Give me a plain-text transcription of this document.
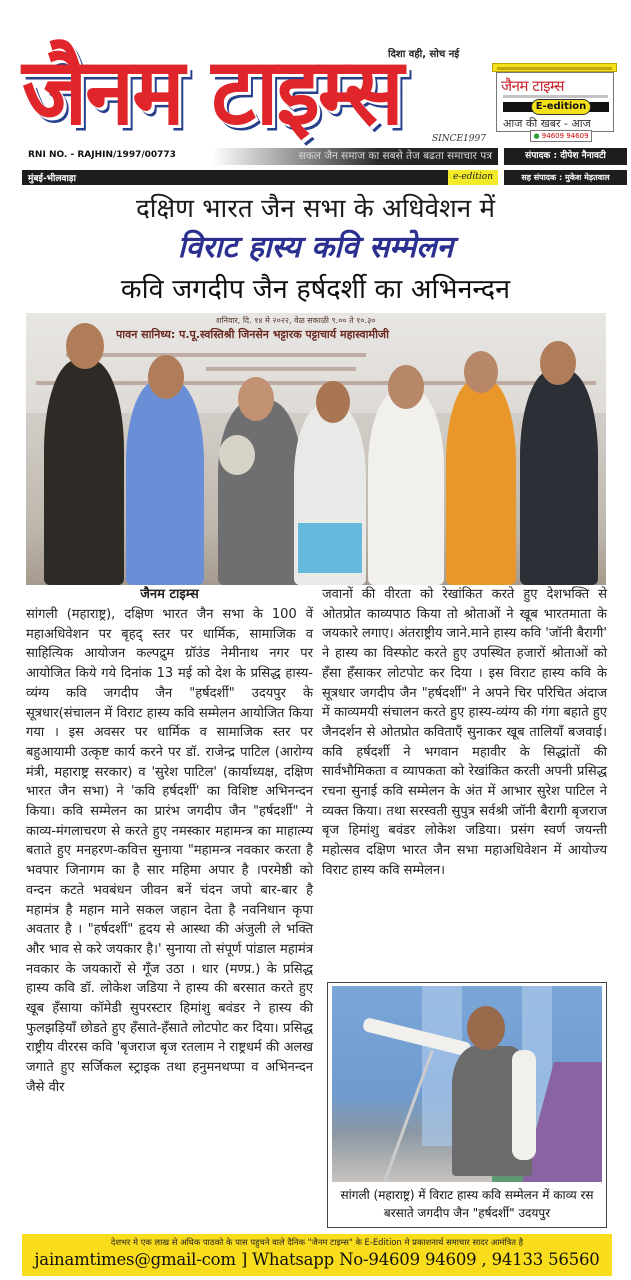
जैनम टाइम्स
दिशा वही, सोच नई
SINCE1997
जैनम टाइम्स
E-edition
आज की खबर - आज
● 94609 94609
RNI NO. - RAJHIN/1997/00773	सकल जैन समाज का सबसे तेज बढता समाचार पत्र	संपादक : दीपेश नैनावटी
मुंबई-भीलवाड़ा	e-edition	सह संपादक : मुकेश मेड़तवाल
दक्षिण भारत जैन सभा के अधिवेशन में
विराट हास्य कवि सम्मेलन
कवि जगदीप जैन हर्षदर्शी का अभिनन्दन
शनिवार, दि. १४ मे २०२२, वेळ सकाळी ९.०० ते १०.३०
पावन सानिध्य: प.पू.स्वस्तिश्री जिनसेन भट्टारक पट्टाचार्य महास्वामीजी
जैनम टाइम्स

सांगली (महाराष्ट्र), दक्षिण भारत जैन सभा के 100 वें महाअधिवेशन पर बृहद् स्तर पर धार्मिक, सामाजिक व साहित्यिक आयोजन कल्पद्रुम ग्रॉउंड नेमीनाथ नगर पर आयोजित किये गये दिनांक 13 मई को देश के प्रसिद्ध हास्य-व्यंग्य कवि जगदीप जैन "हर्षदर्शी" उदयपुर के सूत्रधार(संचालन में विराट हास्य कवि सम्मेलन आयोजित किया गया । इस अवसर पर धार्मिक व सामाजिक स्तर पर बहुआयामी उत्कृष्ट कार्य करने पर डॉ. राजेन्द्र पाटिल (आरोग्य मंत्री, महाराष्ट्र सरकार) व 'सुरेश पाटिल' (कार्याध्यक्ष, दक्षिण भारत जैन सभा) ने 'कवि हर्षदर्शी' का विशिष्ट अभिनन्दन किया। कवि सम्मेलन का प्रारंभ जगदीप जैन "हर्षदर्शी" ने काव्य-मंगलाचरण से करते हुए नमस्कार महामन्त्र का माहात्म्य बताते हुए मनहरण-कवित्त सुनाया "महामन्त्र नवकार करता है भवपार जिनागम का है सार महिमा अपार है ।परमेष्ठी को वन्दन कटते भवबंधन जीवन बनें चंदन जपो बार-बार है महामंत्र है महान माने सकल जहान देता है नवनिधान कृपा अवतार है । "हर्षदर्शी" हृदय से आस्था की अंजुली ले भक्ति और भाव से करे जयकार है।' सुनाया तो संपूर्ण पांडाल महामंत्र नवकार के जयकारों से गूँज उठा । धार (मण्प्र.) के प्रसिद्ध हास्य कवि डॉ. लोकेश जडिया ने हास्य की बरसात करते हुए खूब हँसाया कॉमेडी सुपरस्टार हिमांशु बवंडर ने हास्य की फुलझड़ियाँ छोडते हुए हँसाते-हँसाते लोटपोट कर दिया। प्रसिद्ध राष्ट्रीय वीररस कवि 'बृजराज बृज रतलाम ने राष्ट्रधर्म की अलख जगाते हुए सर्जिकल स्ट्राइक तथा हनुमनथप्पा व अभिनन्दन जैसे वीर

जवानों की वीरता को रेखांकित करते हुए देशभक्ति से ओतप्रोत काव्यपाठ किया तो श्रोताओं ने खूब भारतमाता के जयकारे लगाए। अंतराष्ट्रीय जाने.माने हास्य कवि 'जॉनी बैरागी' ने हास्य का विस्फोट करते हुए उपस्थित हजारों श्रोताओं को हँसा हँसाकर लोटपोट कर दिया । इस विराट हास्य कवि के सूत्रधार जगदीप जैन "हर्षदर्शी" ने अपने चिर परिचित अंदाज में काव्यमयी संचालन करते हुए हास्य-व्यंग्य की गंगा बहाते हुए जैनदर्शन से ओतप्रोत कविताएँ सुनाकर खूब तालियाँ बजवाई। कवि हर्षदर्शी ने भगवान महावीर के सिद्धांतों की सार्वभौमिकता व व्यापकता को रेखांकित करती अपनी प्रसिद्ध रचना सुनाई कवि सम्मेलन के अंत में आभार सुरेश पाटिल ने व्यक्त किया। तथा सरस्वती सुपुत्र सर्वश्री जॉनी बैरागी बृजराज बृज हिमांशु बवंडर लोकेश जडिया। प्रसंग स्वर्ण जयन्ती महोत्सव दक्षिण भारत जैन सभा महाअधिवेशन में आयोज्य विराट हास्य कवि सम्मेलन।

सांगली (महाराष्ट्र) में विराट हास्य कवि सम्मेलन में काव्य रस बरसाते जगदीप जैन "हर्षदर्शी" उदयपुर
देशभर मे एक लाख से अधिक पाठको के पास पहुचने वाले दैनिक "जैनम टाइम्स" के E-Edition मे प्रकाशनार्थ समाचार सादर आमंत्रित है
jainamtimes@gmail-com ] Whatsapp No-94609 94609 , 94133 56560
